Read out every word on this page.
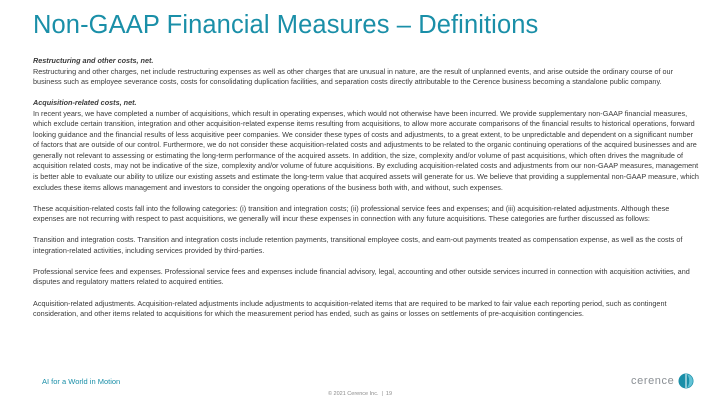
Non-GAAP Financial Measures – Definitions

Restructuring and other costs, net.

Restructuring and other charges, net include restructuring expenses as well as other charges that are unusual in nature, are the result of unplanned events, and arise outside the ordinary course of our business such as employee severance costs, costs for consolidating duplication facilities, and separation costs directly attributable to the Cerence business becoming a standalone public company.

Acquisition-related costs, net.

In recent years, we have completed a number of acquisitions, which result in operating expenses, which would not otherwise have been incurred. We provide supplementary non-GAAP financial measures, which exclude certain transition, integration and other acquisition-related expense items resulting from acquisitions, to allow more accurate comparisons of the financial results to historical operations, forward looking guidance and the financial results of less acquisitive peer companies. We consider these types of costs and adjustments, to a great extent, to be unpredictable and dependent on a significant number of factors that are outside of our control. Furthermore, we do not consider these acquisition-related costs and adjustments to be related to the organic continuing operations of the acquired businesses and are generally not relevant to assessing or estimating the long-term performance of the acquired assets. In addition, the size, complexity and/or volume of past acquisitions, which often drives the magnitude of acquisition related costs, may not be indicative of the size, complexity and/or volume of future acquisitions. By excluding acquisition-related costs and adjustments from our non-GAAP measures, management is better able to evaluate our ability to utilize our existing assets and estimate the long-term value that acquired assets will generate for us. We believe that providing a supplemental non-GAAP measure, which excludes these items allows management and investors to consider the ongoing operations of the business both with, and without, such expenses.

These acquisition-related costs fall into the following categories: (i) transition and integration costs; (ii) professional service fees and expenses; and (iii) acquisition-related adjustments. Although these expenses are not recurring with respect to past acquisitions, we generally will incur these expenses in connection with any future acquisitions. These categories are further discussed as follows:

Transition and integration costs. Transition and integration costs include retention payments, transitional employee costs, and earn-out payments treated as compensation expense, as well as the costs of integration-related activities, including services provided by third-parties.

Professional service fees and expenses. Professional service fees and expenses include financial advisory, legal, accounting and other outside services incurred in connection with acquisition activities, and disputes and regulatory matters related to acquired entities.

Acquisition-related adjustments. Acquisition-related adjustments include adjustments to acquisition-related items that are required to be marked to fair value each reporting period, such as contingent consideration, and other items related to acquisitions for which the measurement period has ended, such as gains or losses on settlements of pre-acquisition contingencies.

AI for a World in Motion
© 2021 Cerence Inc. | 19
cerence
